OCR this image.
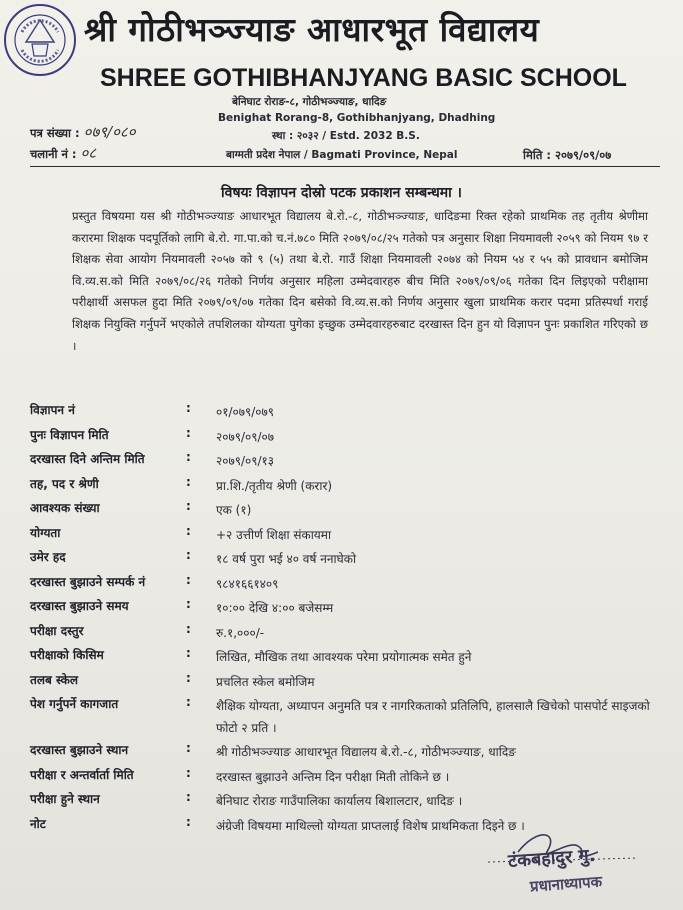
श्री गोठीभञ्ज्याङ आधारभूत विद्यालय
SHREE GOTHIBHANJYANG BASIC SCHOOL
बेनिघाट रोराङ-८, गोठीभञ्ज्याङ, धादिङ
Benighat Rorang-8, Gothibhanjyang, Dhadhing
स्था : २०३२ / Estd. 2032 B.S.
बाग्मती प्रदेश नेपाल / Bagmati Province, Nepal
पत्र संख्या : ०७९/०८०
चलानी नं : ०८	मिति : २०७९/०९/०७
विषयः विज्ञापन दोस्रो पटक प्रकाशन सम्बन्धमा ।
प्रस्तुत विषयमा यस श्री गोठीभञ्ज्याङ आधारभूत विद्यालय बे.रो.-८, गोठीभञ्ज्याङ, धादिङमा रिक्त रहेको प्राथमिक तह तृतीय श्रेणीमा करारमा शिक्षक पदपूर्तिको लागि बे.रो. गा.पा.को च.नं.७८० मिति २०७९/०८/२५ गतेको पत्र अनुसार शिक्षा नियमावली २०५९ को नियम ९७ र शिक्षक सेवा आयोग नियमावली २०५७ को ९ (५) तथा बे.रो. गाउँ शिक्षा नियमावली २०७४ को नियम ५४ र ५५ को प्रावधान बमोजिम वि.व्य.स.को मिति २०७९/०८/२६ गतेको निर्णय अनुसार महिला उम्मेदवारहरु बीच मिति २०७९/०९/०६ गतेका दिन लिइएको परीक्षामा परीक्षार्थी असफल हुदा मिति २०७९/०९/०७ गतेका दिन बसेको वि.व्य.स.को निर्णय अनुसार खुला प्राथमिक करार पदमा प्रतिस्पर्धा गराई शिक्षक नियुक्ति गर्नुपर्ने भएकोले तपशिलका योग्यता पुगेका इच्छुक उम्मेदवारहरुबाट दरखास्त दिन हुन यो विज्ञापन पुनः प्रकाशित गरिएको छ ।
विज्ञापन नं	: ०१/०७९/०७९
पुनः विज्ञापन मिति	: २०७९/०९/०७
दरखास्त दिने अन्तिम मिति	: २०७९/०९/१३
तह, पद र श्रेणी	: प्रा.शि./तृतीय श्रेणी (करार)
आवश्यक संख्या	: एक (१)
योग्यता	: +२ उत्तीर्ण शिक्षा संकायमा
उमेर हद	: १८ वर्ष पुरा भई ४० वर्ष ननाघेको
दरखास्त बुझाउने सम्पर्क नं	: ९८४१६६१४०९
दरखास्त बुझाउने समय	: १०:०० देखि ४:०० बजेसम्म
परीक्षा दस्तुर	: रु.१,०००/-
परीक्षाको किसिम	: लिखित, मौखिक तथा आवश्यक परेमा प्रयोगात्मक समेत हुने
तलब स्केल	: प्रचलित स्केल बमोजिम
पेश गर्नुपर्ने कागजात	: शैक्षिक योग्यता, अध्यापन अनुमति पत्र र नागरिकताको प्रतिलिपि, हालसालै खिचेको पासपोर्ट साइजको फोटो २ प्रति ।
दरखास्त बुझाउने स्थान	: श्री गोठीभञ्ज्याङ आधारभूत विद्यालय बे.रो.-८, गोठीभञ्ज्याङ, धादिङ
परीक्षा र अन्तर्वार्ता मिति	: दरखास्त बुझाउने अन्तिम दिन परीक्षा मिती तोकिने छ ।
परीक्षा हुने स्थान	: बेनिघाट रोराङ गाउँपालिका कार्यालय बिशालटार, धादिङ ।
नोट	: अंग्रेजी विषयमा माथिल्लो योग्यता प्राप्तलाई विशेष प्राथमिकता दिइने छ ।
टंकबहादुर गु.
प्रधानाध्यापक
